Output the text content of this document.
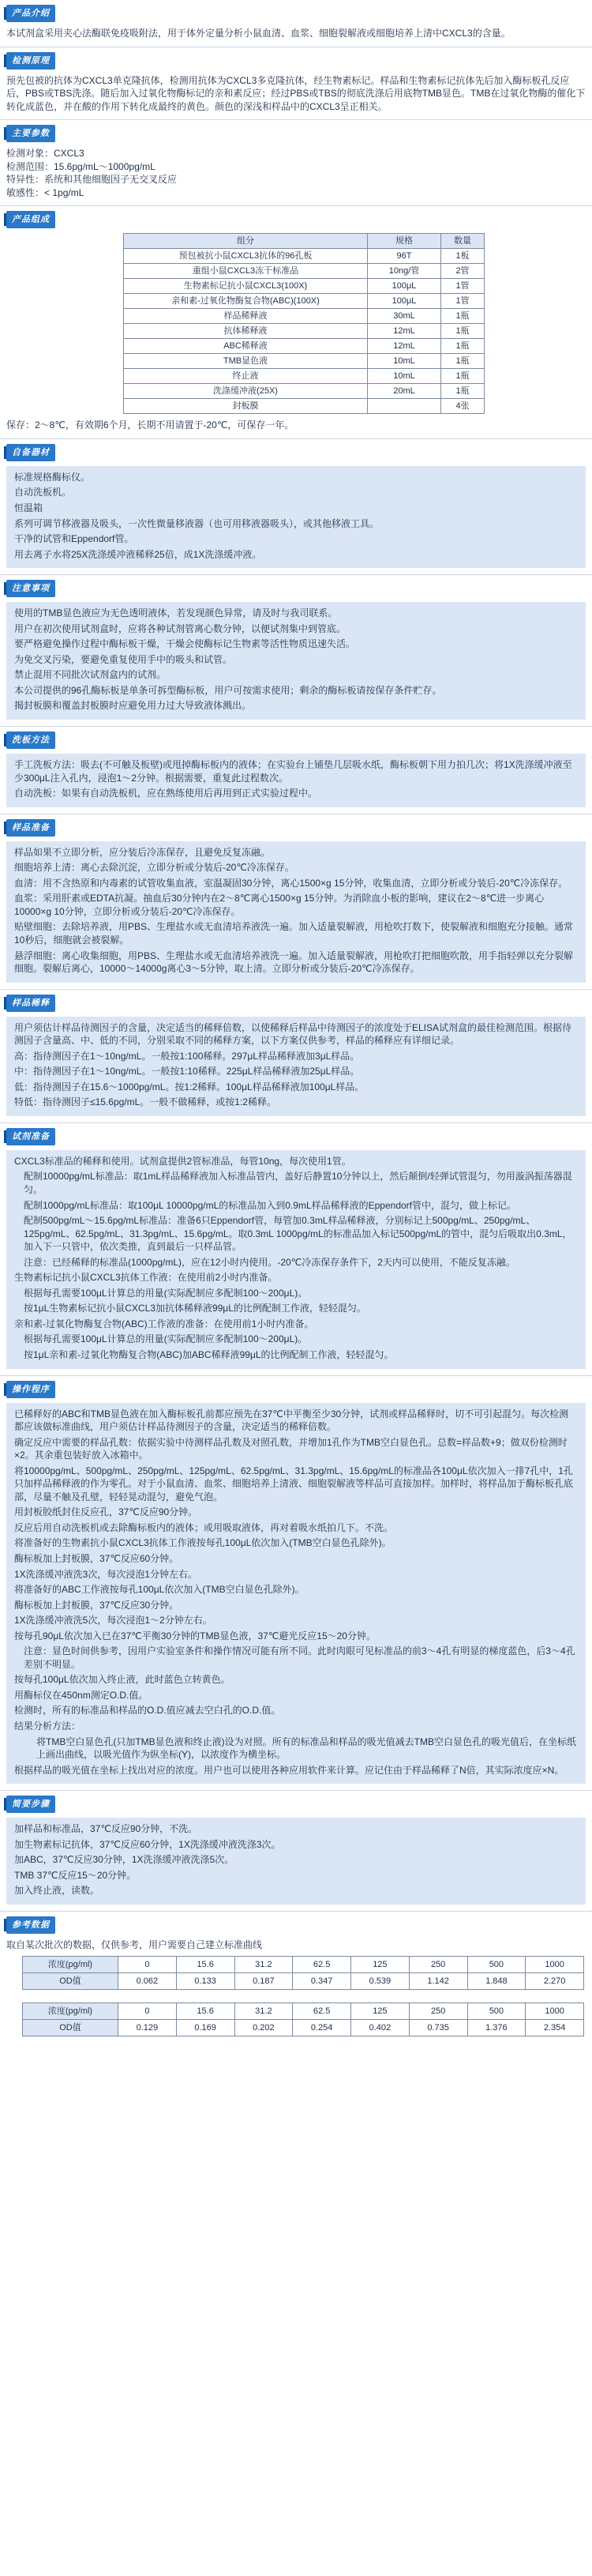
产品介绍

本试剂盒采用夹心法酶联免疫吸附法，用于体外定量分析小鼠血清、血浆、细胞裂解液或细胞培养上清中CXCL3的含量。

检测原理

预先包被的抗体为CXCL3单克隆抗体，检测用抗体为CXCL3多克隆抗体，经生物素标记。样品和生物素标记抗体先后加入酶标板孔反应后，PBS或TBS洗涤。随后加入过氧化物酶标记的亲和素反应；经过PBS或TBS的彻底洗涤后用底物TMB显色。TMB在过氧化物酶的催化下转化成蓝色，并在酸的作用下转化成最终的黄色。颜色的深浅和样品中的CXCL3呈正相关。

主要参数

检测对象：CXCL3

检测范围：15.6pg/mL～1000pg/mL

特异性：系统和其他细胞因子无交叉反应

敏感性：< 1pg/mL

产品组成
组分	规格	数量
预包被抗小鼠CXCL3抗体的96孔板	96T	1板
重组小鼠CXCL3冻干标准品	10ng/管	2管
生物素标记抗小鼠CXCL3(100X)	100μL	1管
亲和素-过氧化物酶复合物(ABC)(100X)	100μL	1管
样品稀释液	30mL	1瓶
抗体稀释液	12mL	1瓶
ABC稀释液	12mL	1瓶
TMB显色液	10mL	1瓶
终止液	10mL	1瓶
洗涤缓冲液(25X)	20mL	1瓶
封板膜		4张

保存：2～8℃，有效期6个月，长期不用请置于-20℃，可保存一年。

自备器材

标准规格酶标仪。

自动洗板机。

恒温箱

系列可调节移液器及吸头，一次性微量移液器（也可用移液器吸头），或其他移液工具。

干净的试管和Eppendorf管。

用去离子水将25X洗涤缓冲液稀释25倍，成1X洗涤缓冲液。

注意事项

使用的TMB显色液应为无色透明液体，若发现颜色异常，请及时与我司联系。

用户在初次使用试剂盒时，应将各种试剂管离心数分钟，以便试剂集中到管底。

要严格避免操作过程中酶标板干燥，干燥会使酶标记生物素等活性物质迅速失活。

为免交叉污染，要避免重复使用手中的吸头和试管。

禁止混用不同批次试剂盒内的试剂。

本公司提供的96孔酶标板是单条可拆型酶标板，用户可按需求使用；剩余的酶标板请按保存条件贮存。

揭封板膜和覆盖封板膜时应避免用力过大导致液体溅出。

洗板方法

手工洗板方法：吸去(不可触及板壁)或甩掉酶标板内的液体；在实验台上铺垫几层吸水纸，酶标板朝下用力拍几次；将1X洗涤缓冲液至少300μL注入孔内，浸泡1～2分钟。根据需要，重复此过程数次。

自动洗板：如果有自动洗板机，应在熟练使用后再用到正式实验过程中。

样品准备

样品如果不立即分析，应分装后冷冻保存，且避免反复冻融。

细胞培养上清：离心去除沉淀，立即分析或分装后-20℃冷冻保存。

血清：用不含热原和内毒素的试管收集血液，室温凝固30分钟，离心1500×g 15分钟，收集血清，立即分析或分装后-20℃冷冻保存。

血浆：采用肝素或EDTA抗凝。抽血后30分钟内在2～8℃离心1500×g 15分钟。为消除血小板的影响，建议在2～8℃进一步离心10000×g 10分钟，立即分析或分装后-20℃冷冻保存。

贴壁细胞：去除培养液，用PBS、生理盐水或无血清培养液洗一遍。加入适量裂解液，用枪吹打数下，使裂解液和细胞充分接触。通常10秒后，细胞就会被裂解。

悬浮细胞：离心收集细胞，用PBS、生理盐水或无血清培养液洗一遍。加入适量裂解液，用枪吹打把细胞吹散，用手指轻弹以充分裂解细胞。裂解后离心，10000～14000g离心3～5分钟，取上清。立即分析或分装后-20℃冷冻保存。

样品稀释

用户须估计样品待测因子的含量，决定适当的稀释倍数，以使稀释后样品中待测因子的浓度处于ELISA试剂盒的最佳检测范围。根据待测因子含量高、中、低的不同，分别采取不同的稀释方案，以下方案仅供参考，样品的稀释应有详细记录。

高：指待测因子在1～10ng/mL。一般按1:100稀释。297μL样品稀释液加3μL样品。

中：指待测因子在1～10ng/mL。一般按1:10稀释。225μL样品稀释液加25μL样品。

低：指待测因子在15.6～1000pg/mL。按1:2稀释。100μL样品稀释液加100μL样品。

特低：指待测因子≤15.6pg/mL。一般不做稀释，或按1:2稀释。

试剂准备

CXCL3标准品的稀释和使用。试剂盒提供2管标准品，每管10ng，每次使用1管。

配制10000pg/mL标准品：取1mL样品稀释液加入标准品管内，盖好后静置10分钟以上，然后颠倒/轻弹试管混匀，勿用漩涡振荡器混匀。

配制1000pg/mL标准品：取100μL 10000pg/mL的标准品加入到0.9mL样品稀释液的Eppendorf管中，混匀，做上标记。

配制500pg/mL～15.6pg/mL标准品：准备6只Eppendorf管，每管加0.3mL样品稀释液，分别标记上500pg/mL、250pg/mL、125pg/mL、62.5pg/mL、31.3pg/mL、15.6pg/mL。取0.3mL 1000pg/mL的标准品加入标记500pg/mL的管中，混匀后吸取出0.3mL，加入下一只管中，依次类推，直到最后一只样品管。

注意：已经稀释的标准品(1000pg/mL)，应在12小时内使用。-20℃冷冻保存条件下，2天内可以使用，不能反复冻融。

生物素标记抗小鼠CXCL3抗体工作液：在使用前2小时内准备。

根据每孔需要100μL计算总的用量(实际配制应多配制100～200μL)。

按1μL生物素标记抗小鼠CXCL3加抗体稀释液99μL的比例配制工作液，轻轻混匀。

亲和素-过氧化物酶复合物(ABC)工作液的准备：在使用前1小时内准备。

根据每孔需要100μL计算总的用量(实际配制应多配制100～200μL)。

按1μL亲和素-过氧化物酶复合物(ABC)加ABC稀释液99μL的比例配制工作液，轻轻混匀。

操作程序

已稀释好的ABC和TMB显色液在加入酶标板孔前都应预先在37℃中平衡至少30分钟，试剂或样品稀释时，切不可引起混匀。每次检测都应该做标准曲线，用户须估计样品待测因子的含量，决定适当的稀释倍数。

确定反应中需要的样品孔数：依据实验中待测样品孔数及对照孔数，并增加1孔作为TMB空白显色孔。总数=样品数+9；做双份检测时×2。其余重包装好放入冰箱中。

将10000pg/mL、500pg/mL、250pg/mL、125pg/mL、62.5pg/mL、31.3pg/mL、15.6pg/mL的标准品各100μL依次加入一排7孔中，1孔只加样品稀释液的作为零孔。对于小鼠血清、血浆、细胞培养上清液、细胞裂解液等样品可直接加样。加样时，将样品加于酶标板孔底部，尽量不触及孔壁，轻轻晃动混匀，避免气泡。

用封板胶纸封住反应孔，37℃反应90分钟。

反应后用自动洗板机或去除酶标板内的液体；或用吸取液体，再对着吸水纸拍几下。不洗。

将准备好的生物素抗小鼠CXCL3抗体工作液按每孔100μL依次加入(TMB空白显色孔除外)。

酶标板加上封板膜，37℃反应60分钟。

1X洗涤缓冲液洗3次，每次浸泡1分钟左右。

将准备好的ABC工作液按每孔100μL依次加入(TMB空白显色孔除外)。

酶标板加上封板膜，37℃反应30分钟。

1X洗涤缓冲液洗5次，每次浸泡1～2分钟左右。

按每孔90μL依次加入已在37℃平衡30分钟的TMB显色液，37℃避光反应15～20分钟。

注意：显色时间供参考，因用户实验室条件和操作情况可能有所不同。此时肉眼可见标准品的前3～4孔有明显的梯度蓝色，后3～4孔差别不明显。

按每孔100μL依次加入终止液，此时蓝色立转黄色。

用酶标仪在450nm测定O.D.值。

检测时，所有的标准品和样品的O.D.值应减去空白孔的O.D.值。

结果分析方法：

将TMB空白显色孔(只加TMB显色液和终止液)设为对照。所有的标准品和样品的吸光值减去TMB空白显色孔的吸光值后，在坐标纸上画出曲线，以吸光值作为纵坐标(Y)，以浓度作为横坐标。

根据样品的吸光值在坐标上找出对应的浓度。用户也可以使用各种应用软件来计算。应记住由于样品稀释了N倍，其实际浓度应×N。

简要步骤

加样品和标准品，37℃反应90分钟，不洗。

加生物素标记抗体，37℃反应60分钟，1X洗涤缓冲液洗涤3次。

加ABC，37℃反应30分钟，1X洗涤缓冲液洗涤5次。

TMB 37℃反应15～20分钟。

加入终止液，读数。

参考数据

取自某次批次的数据，仅供参考，用户需要自己建立标准曲线

浓度(pg/ml)	0	15.6	31.2	62.5	125	250	500	1000
OD值	0.062	0.133	0.187	0.347	0.539	1.142	1.848	2.270
浓度(pg/ml)	0	15.6	31.2	62.5	125	250	500	1000
OD值	0.129	0.169	0.202	0.254	0.402	0.735	1.376	2.354
